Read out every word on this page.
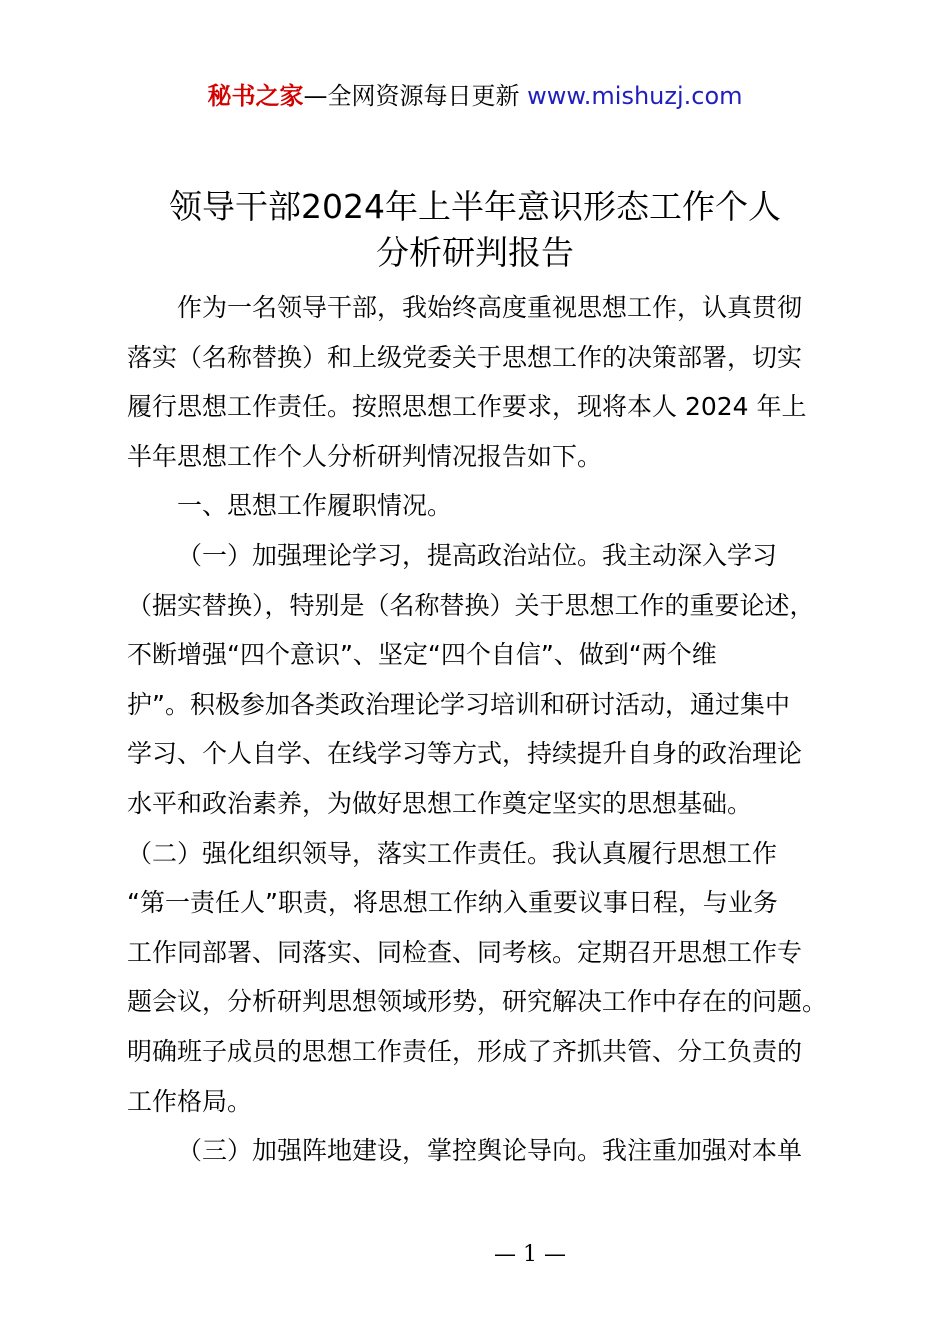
秘书之家—全网资源每日更新 www.mishuzj.com
领导干部2024年上半年意识形态工作个人
分析研判报告
作为一名领导干部，我始终高度重视思想工作，认真贯彻
落实（名称替换）和上级党委关于思想工作的决策部署，切实
履行思想工作责任。按照思想工作要求，现将本人 2024 年上
半年思想工作个人分析研判情况报告如下。
一、思想工作履职情况。
（一）加强理论学习，提高政治站位。我主动深入学习
（据实替换），特别是（名称替换）关于思想工作的重要论述，
不断增强“四个意识”、坚定“四个自信”、做到“两个维
护”。积极参加各类政治理论学习培训和研讨活动，通过集中
学习、个人自学、在线学习等方式，持续提升自身的政治理论
水平和政治素养，为做好思想工作奠定坚实的思想基础。
（二）强化组织领导，落实工作责任。我认真履行思想工作
“第一责任人”职责，将思想工作纳入重要议事日程，与业务
工作同部署、同落实、同检查、同考核。定期召开思想工作专
题会议，分析研判思想领域形势，研究解决工作中存在的问题。
明确班子成员的思想工作责任，形成了齐抓共管、分工负责的
工作格局。
（三）加强阵地建设，掌控舆论导向。我注重加强对本单
— 1 —
